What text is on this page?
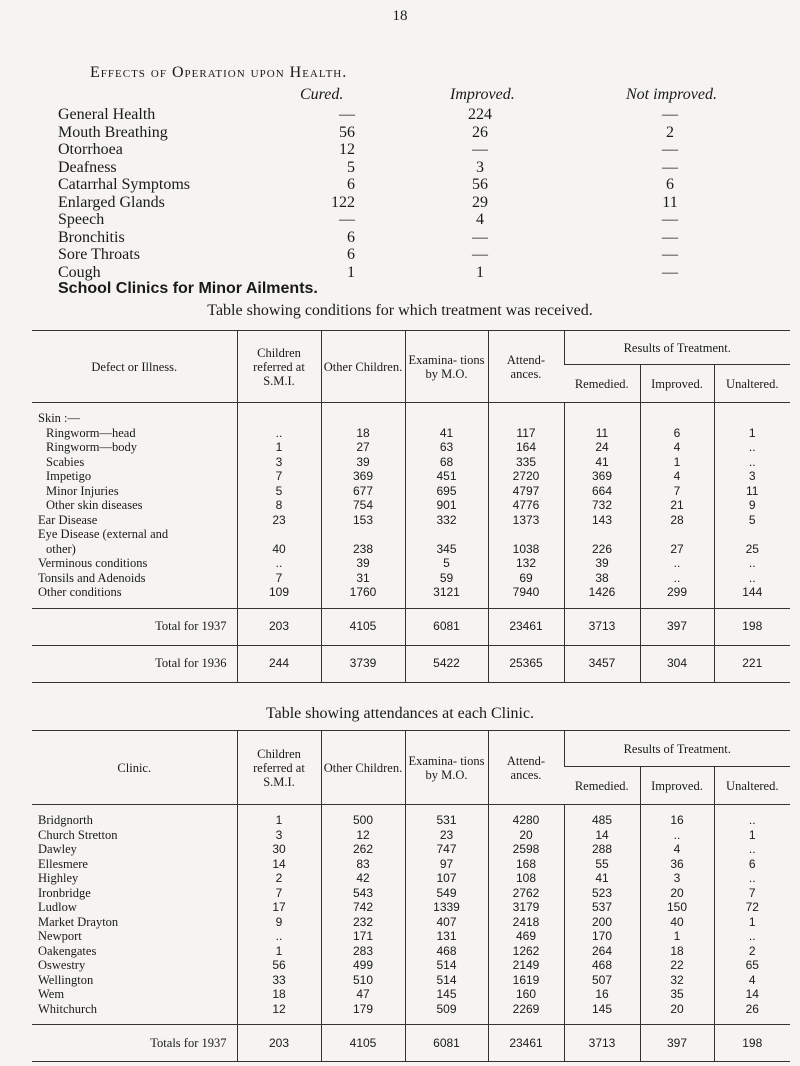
18
Effects of Operation upon Health.
Cured.	Improved.	Not improved.
General Health	—	224	—
Mouth Breathing	56	26	2
Otorrhoea	12	—	—
Deafness	5	3	—
Catarrhal Symptoms	6	56	6
Enlarged Glands	122	29	11
Speech	—	4	—
Bronchitis	6	—	—
Sore Throats	6	—	—
Cough	1	1	—
School Clinics for Minor Ailments.
Table showing conditions for which treatment was received.
Defect or Illness.	Children referred at S.M.I.	Other Children.	Examina- tions by M.O.	Attend- ances.	Results of Treatment.		
					Remedied.	Improved.	Unaltered.

Skin :—							
Ringworm—head	..	18	41	117	11	6	1
Ringworm—body	1	27	63	164	24	4	..
Scabies	3	39	68	335	41	1	..
Impetigo	7	369	451	2720	369	4	3
Minor Injuries	5	677	695	4797	664	7	11
Other skin diseases	8	754	901	4776	732	21	9
Ear Disease	23	153	332	1373	143	28	5
Eye Disease (external and							
other)	40	238	345	1038	226	27	25
Verminous conditions	..	39	5	132	39	..	..
Tonsils and Adenoids	7	31	59	69	38	..	..
Other conditions	109	1760	3121	7940	1426	299	144

Total for 1937	203	4105	6081	23461	3713	397	198
Total for 1936	244	3739	5422	25365	3457	304	221
Table showing attendances at each Clinic.
Clinic.	Children referred at S.M.I.	Other Children.	Examina- tions by M.O.	Attend- ances.	Results of Treatment.		
					Remedied.	Improved.	Unaltered.

Bridgnorth	1	500	531	4280	485	16	..
Church Stretton	3	12	23	20	14	..	1
Dawley	30	262	747	2598	288	4	..
Ellesmere	14	83	97	168	55	36	6
Highley	2	42	107	108	41	3	..
Ironbridge	7	543	549	2762	523	20	7
Ludlow	17	742	1339	3179	537	150	72
Market Drayton	9	232	407	2418	200	40	1
Newport	..	171	131	469	170	1	..
Oakengates	1	283	468	1262	264	18	2
Oswestry	56	499	514	2149	468	22	65
Wellington	33	510	514	1619	507	32	4
Wem	18	47	145	160	16	35	14
Whitchurch	12	179	509	2269	145	20	26

Totals for 1937	203	4105	6081	23461	3713	397	198
